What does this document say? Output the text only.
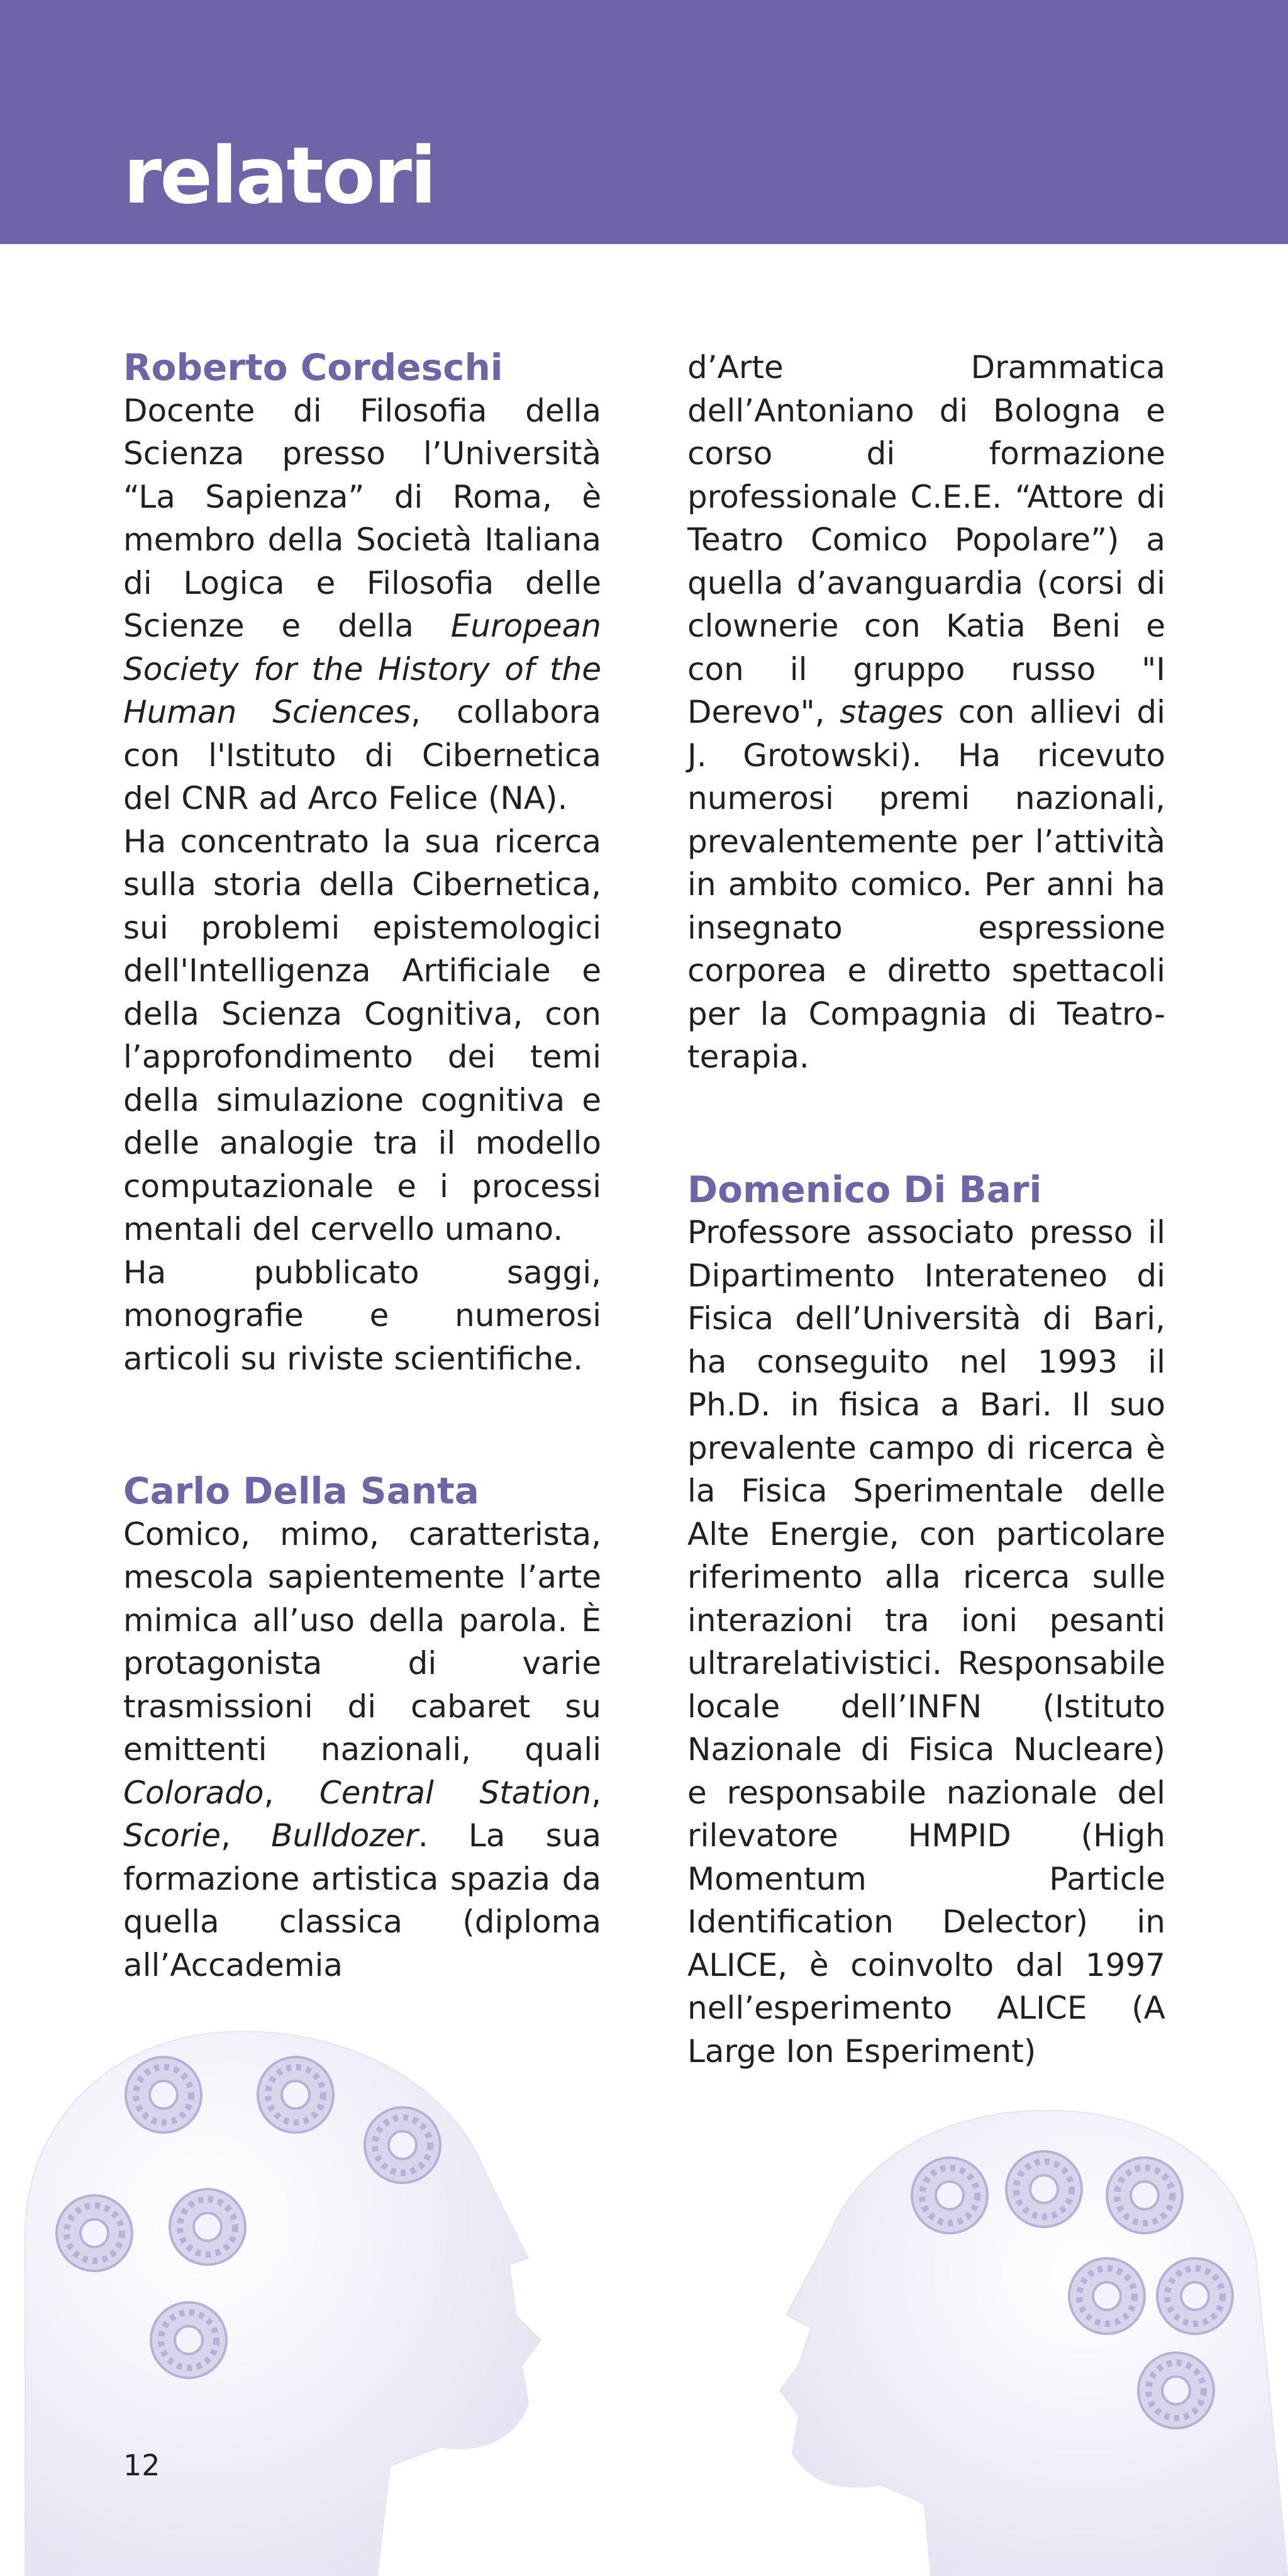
relatori
Roberto Cordeschi

Docente di Filosofia della Scienza presso l’Università “La Sapienza” di Roma, è membro della Società Italiana di Logica e Filosofia delle Scienze e della European Society for the History of the Human Sciences, collabora con l'Istituto di Cibernetica del CNR ad Arco Felice (NA).

Ha concentrato la sua ricerca sulla storia della Cibernetica, sui problemi epistemologici dell'Intelligenza Artificiale e della Scienza Cognitiva, con l’approfondimento dei temi della simulazione cognitiva e delle analogie tra il modello computazionale e i processi mentali del cervello umano.

Ha pubblicato saggi, monografie e numerosi articoli su riviste scientifiche.

Carlo Della Santa

Comico, mimo, caratterista, mescola sapientemente l’arte mimica all’uso della parola. È protagonista di varie trasmissioni di cabaret su emittenti nazionali, quali Colorado, Central Station, Scorie, Bulldozer. La sua formazione artistica spazia da quella classica (diploma all’Accademia

d’Arte Drammatica dell’Antoniano di Bologna e corso di formazione professionale C.E.E. “Attore di Teatro Comico Popolare”) a quella d’avanguardia (corsi di clownerie con Katia Beni e con il gruppo russo "I Derevo", stages con allievi di J. Grotowski). Ha ricevuto numerosi premi nazionali, prevalentemente per l’attività in ambito comico. Per anni ha insegnato espressione corporea e diretto spettacoli per la Compagnia di Teatro-terapia.

Domenico Di Bari

Professore associato presso il Dipartimento Interateneo di Fisica dell’Università di Bari, ha conseguito nel 1993 il Ph.D. in fisica a Bari. Il suo prevalente campo di ricerca è la Fisica Sperimentale delle Alte Energie, con particolare riferimento alla ricerca sulle interazioni tra ioni pesanti ultrarelativistici. Responsabile locale dell’INFN (Istituto Nazionale di Fisica Nucleare) e responsabile nazionale del rilevatore HMPID (High Momentum Particle Identification Delector) in ALICE, è coinvolto dal 1997 nell’esperimento ALICE (A Large Ion Esperiment)

12
